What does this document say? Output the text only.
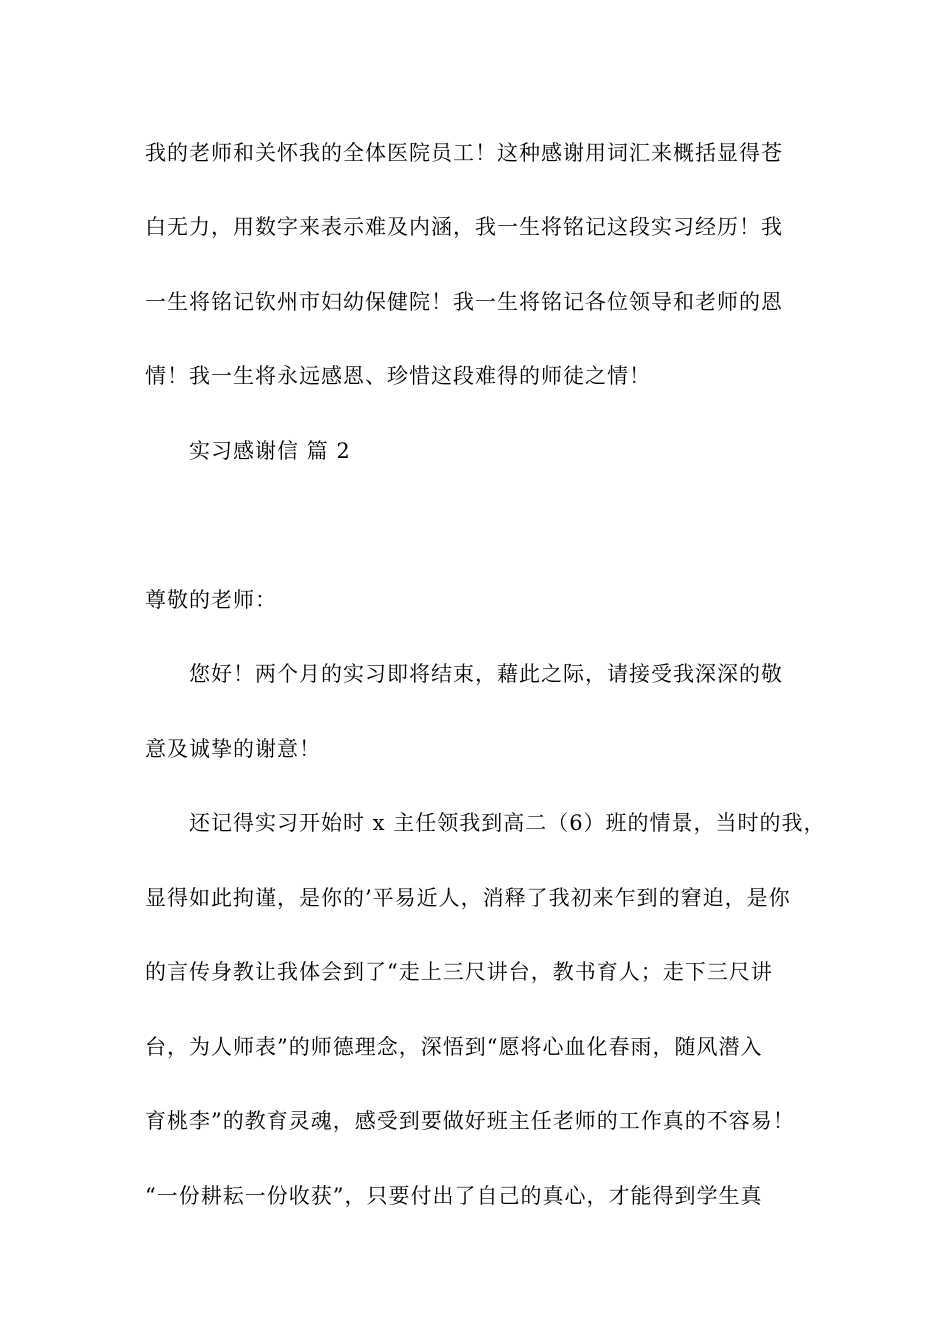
我的老师和关怀我的全体医院员工！这种感谢用词汇来概括显得苍
白无力，用数字来表示难及内涵，我一生将铭记这段实习经历！我
一生将铭记钦州市妇幼保健院！我一生将铭记各位领导和老师的恩
情！我一生将永远感恩、珍惜这段难得的师徒之情！
实习感谢信 篇 2
尊敬的老师：
您好！两个月的实习即将结束，藉此之际，请接受我深深的敬
意及诚挚的谢意！
还记得实习开始时 x 主任领我到高二（6）班的情景，当时的我，
显得如此拘谨，是你的’平易近人，消释了我初来乍到的窘迫，是你
的言传身教让我体会到了“走上三尺讲台，教书育人；走下三尺讲
台，为人师表”的师德理念，深悟到“愿将心血化春雨，随风潜入
育桃李”的教育灵魂，感受到要做好班主任老师的工作真的不容易！
“一份耕耘一份收获”，只要付出了自己的真心，才能得到学生真
